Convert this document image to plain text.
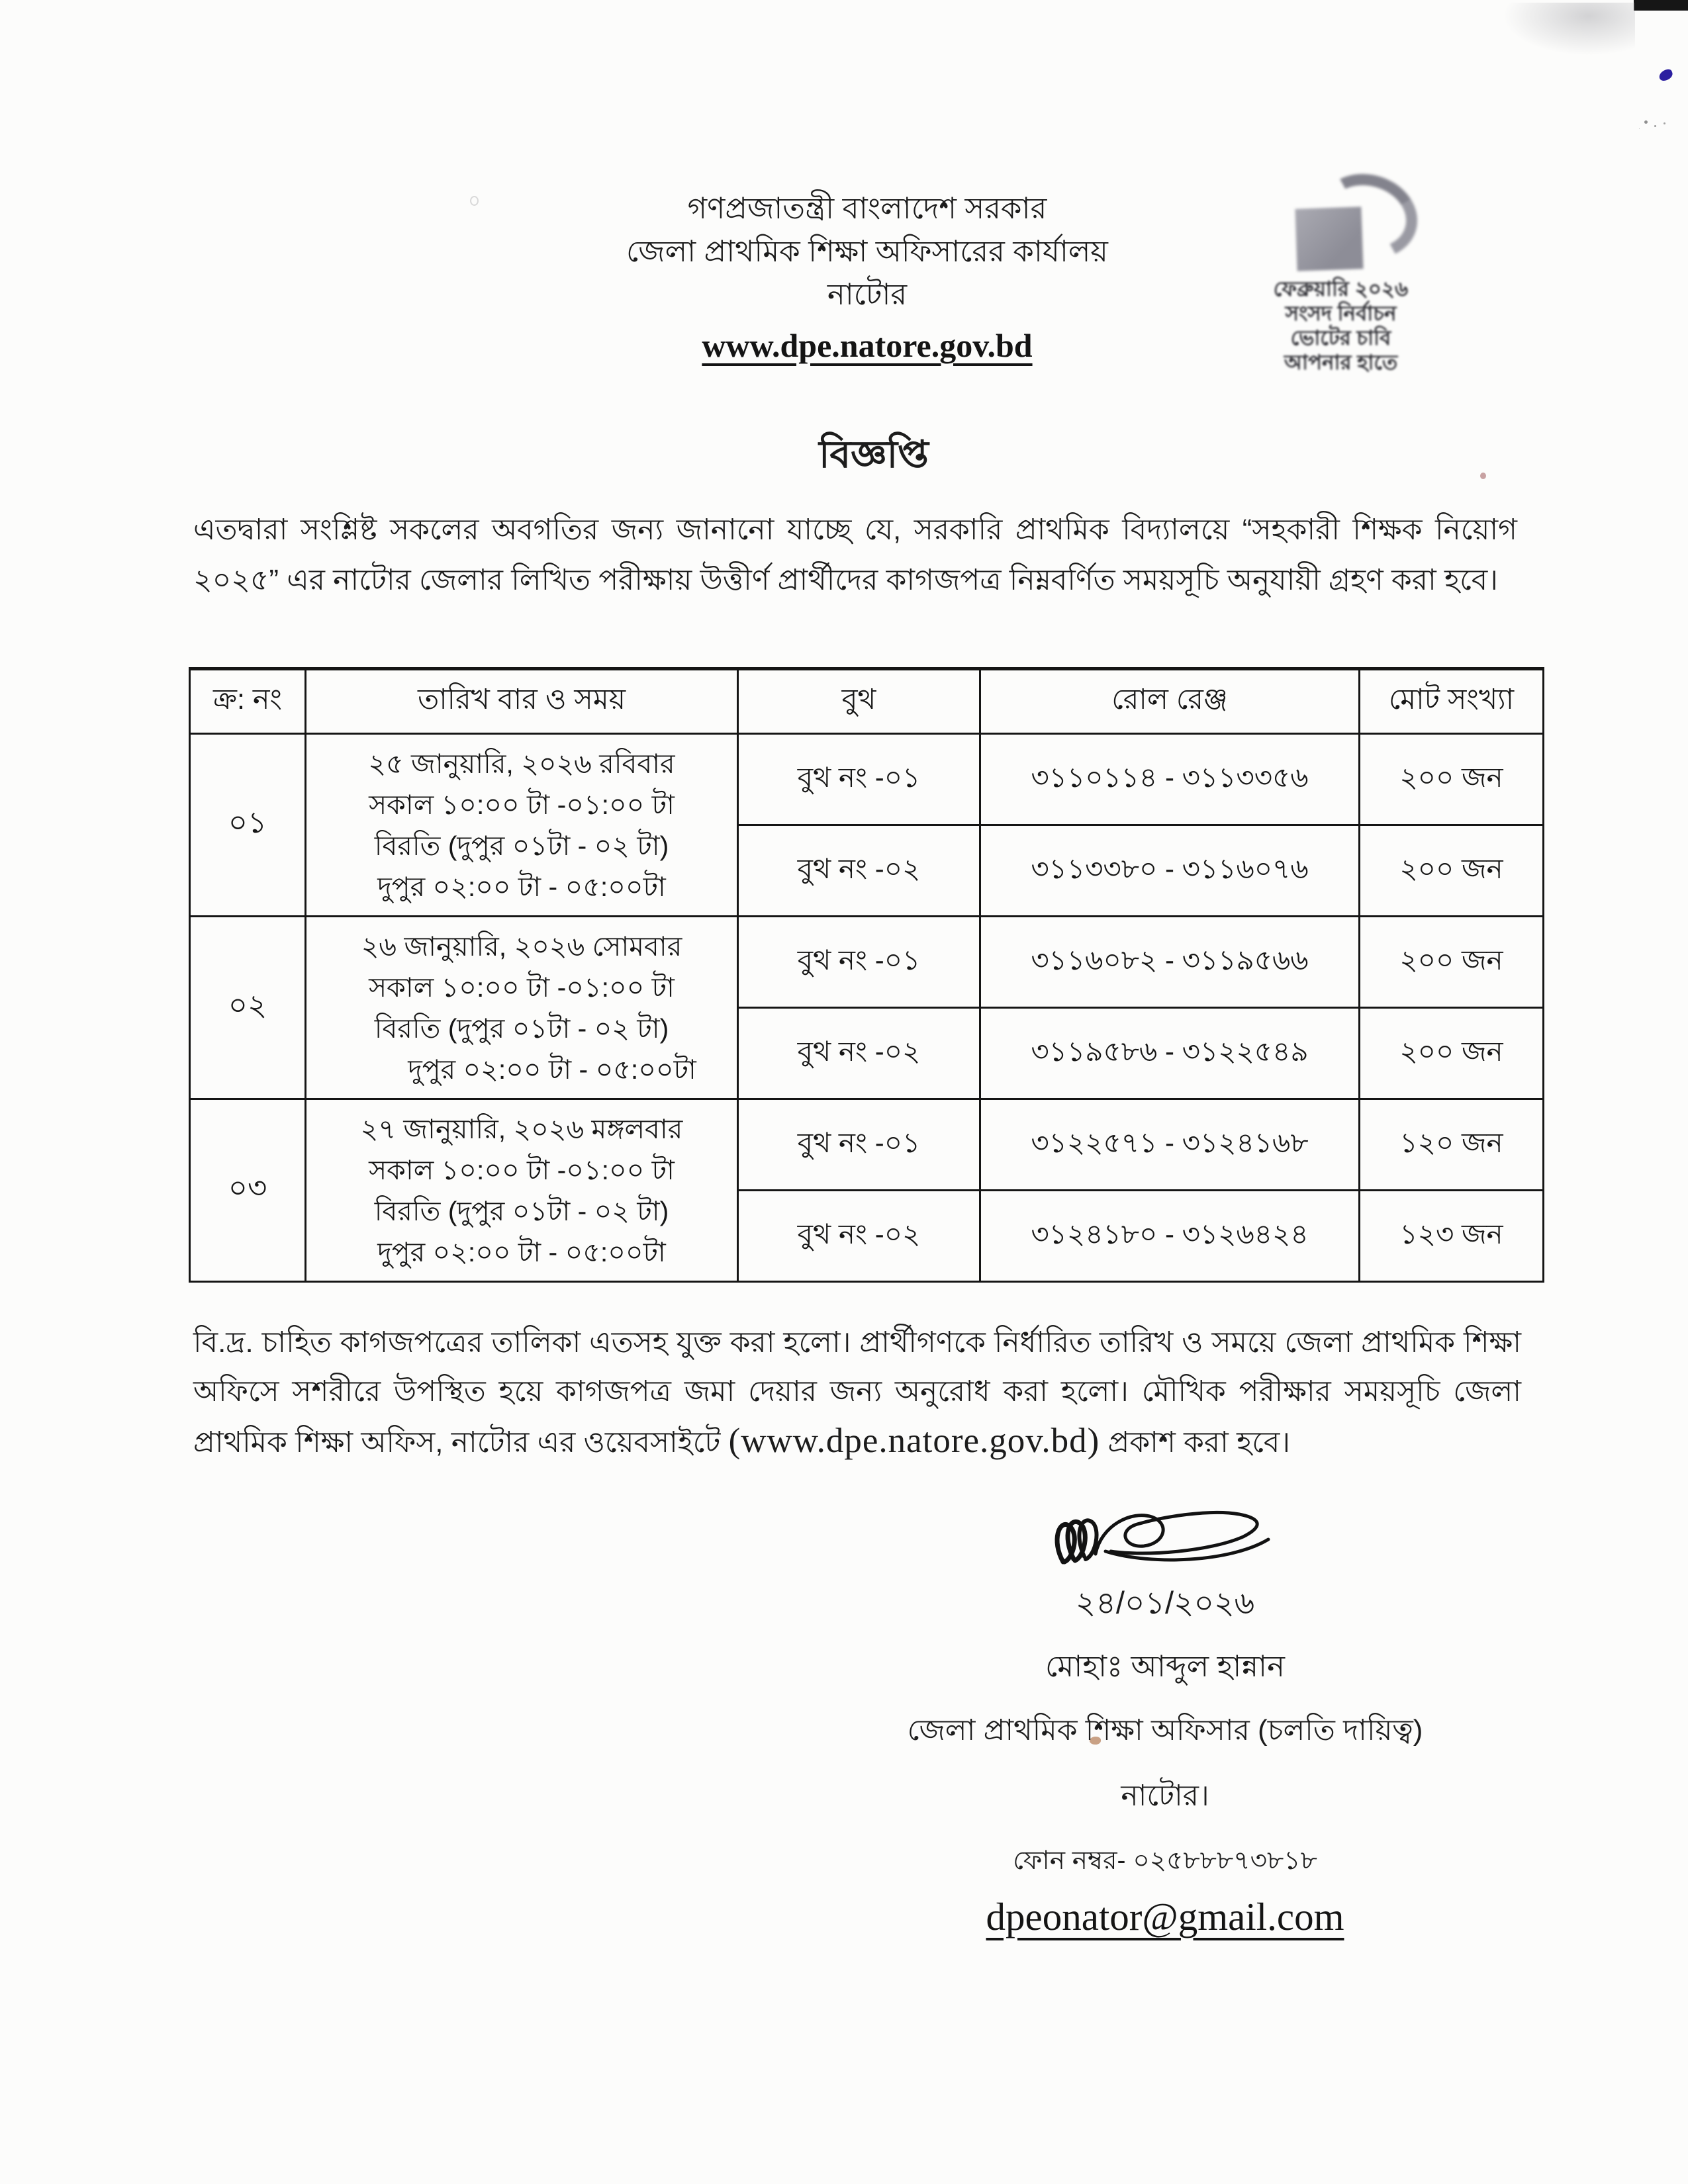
গণপ্রজাতন্ত্রী বাংলাদেশ সরকার
জেলা প্রাথমিক শিক্ষা অফিসারের কার্যালয়
নাটোর
www.dpe.natore.gov.bd
ফেব্রুয়ারি ২০২৬
সংসদ নির্বাচন
ভোটের চাবি
আপনার হাতে
বিজ্ঞপ্তি
এতদ্বারা সংশ্লিষ্ট সকলের অবগতির জন্য জানানো যাচ্ছে যে, সরকারি প্রাথমিক বিদ্যালয়ে “সহকারী শিক্ষক নিয়োগ ২০২৫” এর নাটোর জেলার লিখিত পরীক্ষায় উত্তীর্ণ প্রার্থীদের কাগজপত্র নিম্নবর্ণিত সময়সূচি অনুযায়ী গ্রহণ করা হবে।
ক্র: নং	তারিখ বার ও সময়	বুথ	রোল রেঞ্জ	মোট সংখ্যা
০১	২৫ জানুয়ারি, ২০২৬ রবিবার
সকাল ১০:০০ টা -০১:০০ টা
বিরতি (দুপুর ০১টা - ০২ টা)
দুপুর ০২:০০ টা - ০৫:০০টা	বুথ নং -০১	৩১১০১১৪ - ৩১১৩৩৫৬	২০০ জন
		বুথ নং -০২	৩১১৩৩৮০ - ৩১১৬০৭৬	২০০ জন
০২	২৬ জানুয়ারি, ২০২৬ সোমবার
সকাল ১০:০০ টা -০১:০০ টা
বিরতি (দুপুর ০১টা - ০২ টা)
দুপুর ০২:০০ টা - ০৫:০০টা	বুথ নং -০১	৩১১৬০৮২ - ৩১১৯৫৬৬	২০০ জন
		বুথ নং -০২	৩১১৯৫৮৬ - ৩১২২৫৪৯	২০০ জন
০৩	২৭ জানুয়ারি, ২০২৬ মঙ্গলবার
সকাল ১০:০০ টা -০১:০০ টা
বিরতি (দুপুর ০১টা - ০২ টা)
দুপুর ০২:০০ টা - ০৫:০০টা	বুথ নং -০১	৩১২২৫৭১ - ৩১২৪১৬৮	১২০ জন
		বুথ নং -০২	৩১২৪১৮০ - ৩১২৬৪২৪	১২৩ জন
বি.দ্র. চাহিত কাগজপত্রের তালিকা এতসহ যুক্ত করা হলো। প্রার্থীগণকে নির্ধারিত তারিখ ও সময়ে জেলা প্রাথমিক শিক্ষা অফিসে সশরীরে উপস্থিত হয়ে কাগজপত্র জমা দেয়ার জন্য অনুরোধ করা হলো। মৌখিক পরীক্ষার সময়সূচি জেলা প্রাথমিক শিক্ষা অফিস, নাটোর এর ওয়েবসাইটে (www.dpe.natore.gov.bd) প্রকাশ করা হবে।
২৪/০১/২০২৬
মোহাঃ আব্দুল হান্নান
জেলা প্রাথমিক শিক্ষা অফিসার (চলতি দায়িত্ব)
নাটোর।
ফোন নম্বর- ০২৫৮৮৮৭৩৮১৮
dpeonator@gmail.com
